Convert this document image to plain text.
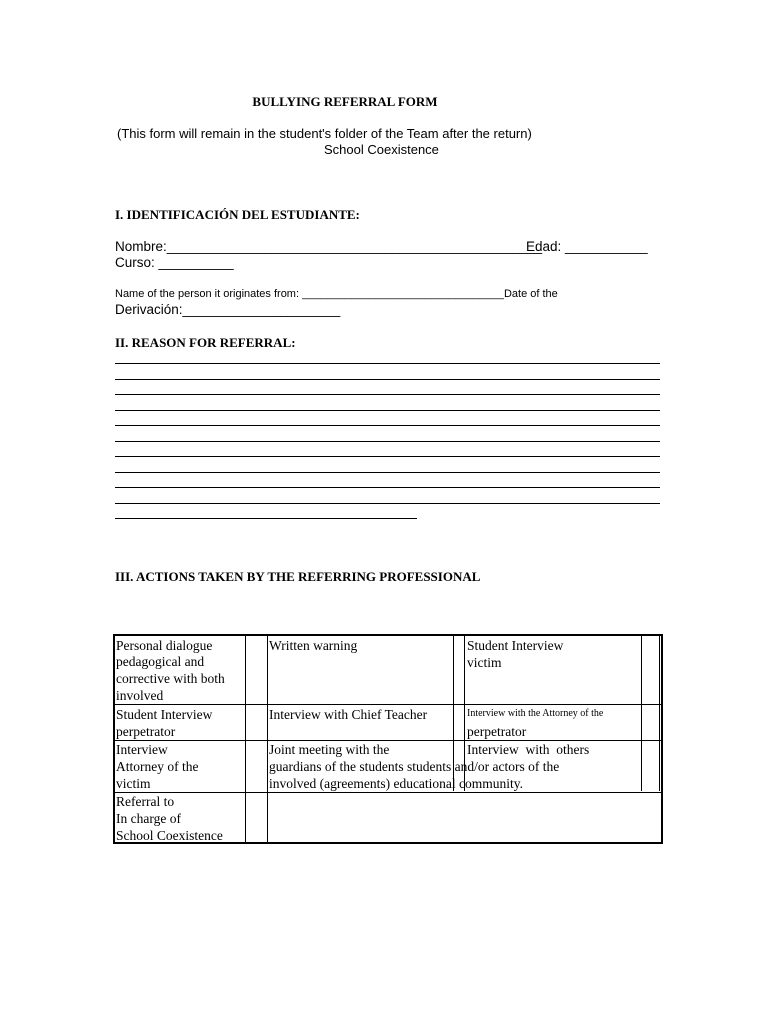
BULLYING REFERRAL FORM
(This form will remain in the student's folder of the Team after the return)
School Coexistence
I. IDENTIFICACIÓN DEL ESTUDIANTE:
Nombre:__________________________________________________
Edad: ___________
Curso: __________
Name of the person it originates from: _________________________________Date of the
Derivación:_____________________
II. REASON FOR REFERRAL:
III. ACTIONS TAKEN BY THE REFERRING PROFESSIONAL
Personal dialogue
pedagogical and
corrective with both
involved
Written warning	Student Interview
victim
Student Interview
perpetrator
Interview with Chief Teacher	Interview with the Attorney of the
perpetrator
Interview
Attorney of the
victim
Joint meeting with the
guardians of the students students and/or actors of the
involved (agreements) educational community.
Interview  with  others
Referral to
In charge of
School Coexistence
